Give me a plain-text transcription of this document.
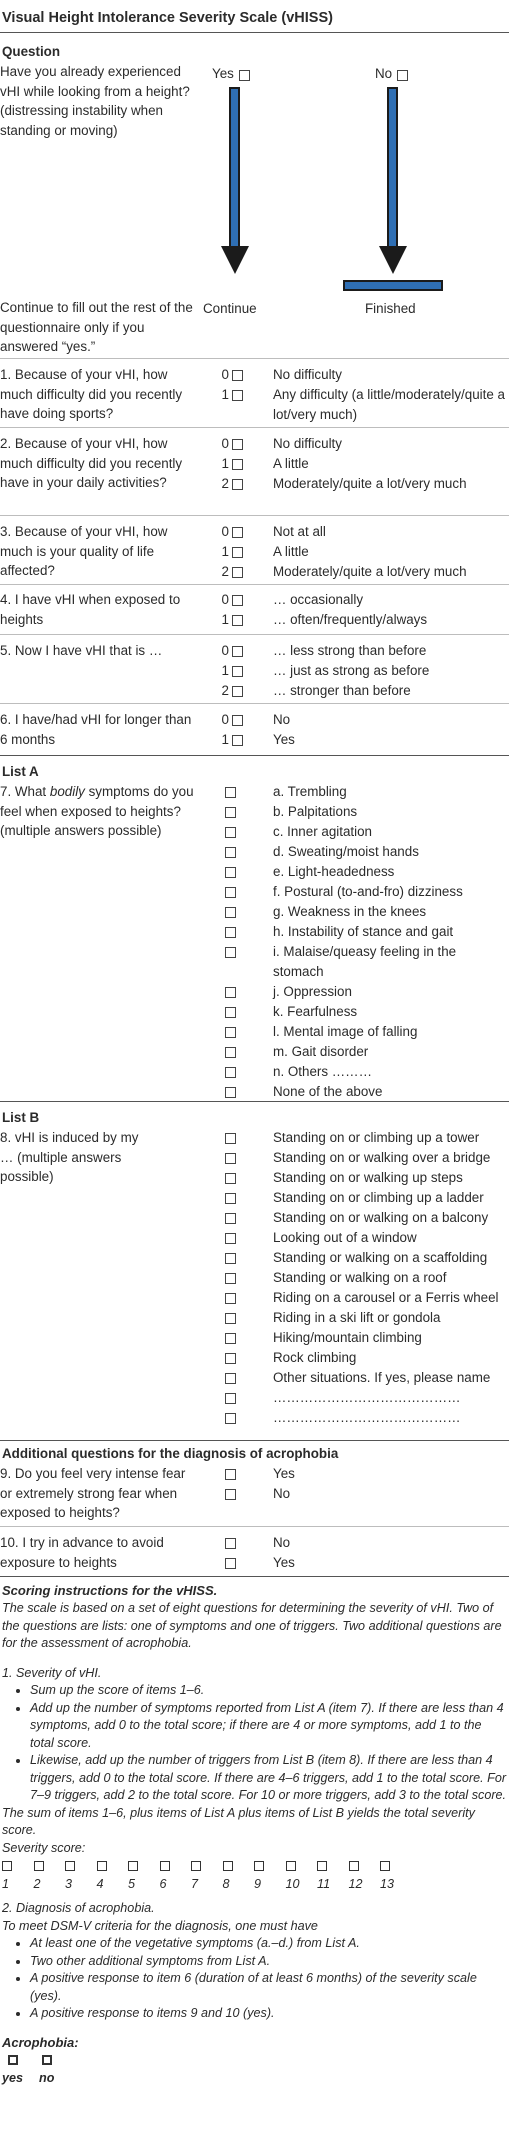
Visual Height Intolerance Severity Scale (vHISS)
Question
Have you already experienced vHI while looking from a height? (distressing instability when standing or moving)
Yes	No
Continue to fill out the rest of the questionnaire only if you answered “yes.”
Continue	Finished
1. Because of your vHI, how much difficulty did you recently have doing sports?
0	No difficulty
1	Any difficulty (a little/moderately/quite a lot/very much)
2. Because of your vHI, how much difficulty did you recently have in your daily activities?
0	No difficulty
1	A little
2	Moderately/quite a lot/very much
3. Because of your vHI, how much is your quality of life affected?
0	Not at all
1	A little
2	Moderately/quite a lot/very much
4. I have vHI when exposed to heights
0	… occasionally
1	… often/frequently/always
5. Now I have vHI that is …	0	… less strong than before
1	… just as strong as before
2	… stronger than before
6. I have/had vHI for longer than 6 months
0	No
1	Yes
List A
7. What bodily symptoms do you feel when exposed to heights? (multiple answers possible)
a. Trembling
b. Palpitations
c. Inner agitation
d. Sweating/moist hands
e. Light-headedness
f. Postural (to-and-fro) dizziness
g. Weakness in the knees
h. Instability of stance and gait
i. Malaise/queasy feeling in the stomach
j. Oppression
k. Fearfulness
l. Mental image of falling
m. Gait disorder
n. Others ………
None of the above
List B
8. vHI is induced by my … (multiple answers possible)
Standing on or climbing up a tower
Standing on or walking over a bridge
Standing on or walking up steps
Standing on or climbing up a ladder
Standing on or walking on a balcony
Looking out of a window
Standing or walking on a scaffolding
Standing or walking on a roof
Riding on a carousel or a Ferris wheel
Riding in a ski lift or gondola
Hiking/mountain climbing
Rock climbing
Other situations. If yes, please name
……………………………………
……………………………………
Additional questions for the diagnosis of acrophobia
9. Do you feel very intense fear or extremely strong fear when exposed to heights?
Yes
No
10. I try in advance to avoid exposure to heights
No
Yes
Scoring instructions for the vHISS.
The scale is based on a set of eight questions for determining the severity of vHI. Two of the questions are lists: one of symptoms and one of triggers. Two additional questions are for the assessment of acrophobia.
1. Severity of vHI.
• Sum up the score of items 1–6.
• Add up the number of symptoms reported from List A (item 7). If there are less than 4 symptoms, add 0 to the total score; if there are 4 or more symptoms, add 1 to the total score.
• Likewise, add up the number of triggers from List B (item 8). If there are less than 4 triggers, add 0 to the total score. If there are 4–6 triggers, add 1 to the total score. For 7–9 triggers, add 2 to the total score. For 10 or more triggers, add 3 to the total score.
The sum of items 1–6, plus items of List A plus items of List B yields the total severity score.
Severity score:
1 2 3 4 5 6 7 8 9 10 11 12 13
2. Diagnosis of acrophobia.
To meet DSM-V criteria for the diagnosis, one must have
• At least one of the vegetative symptoms (a.–d.) from List A.
• Two other additional symptoms from List A.
• A positive response to item 6 (duration of at least 6 months) of the severity scale (yes).
• A positive response to items 9 and 10 (yes).
Acrophobia:
yes no
